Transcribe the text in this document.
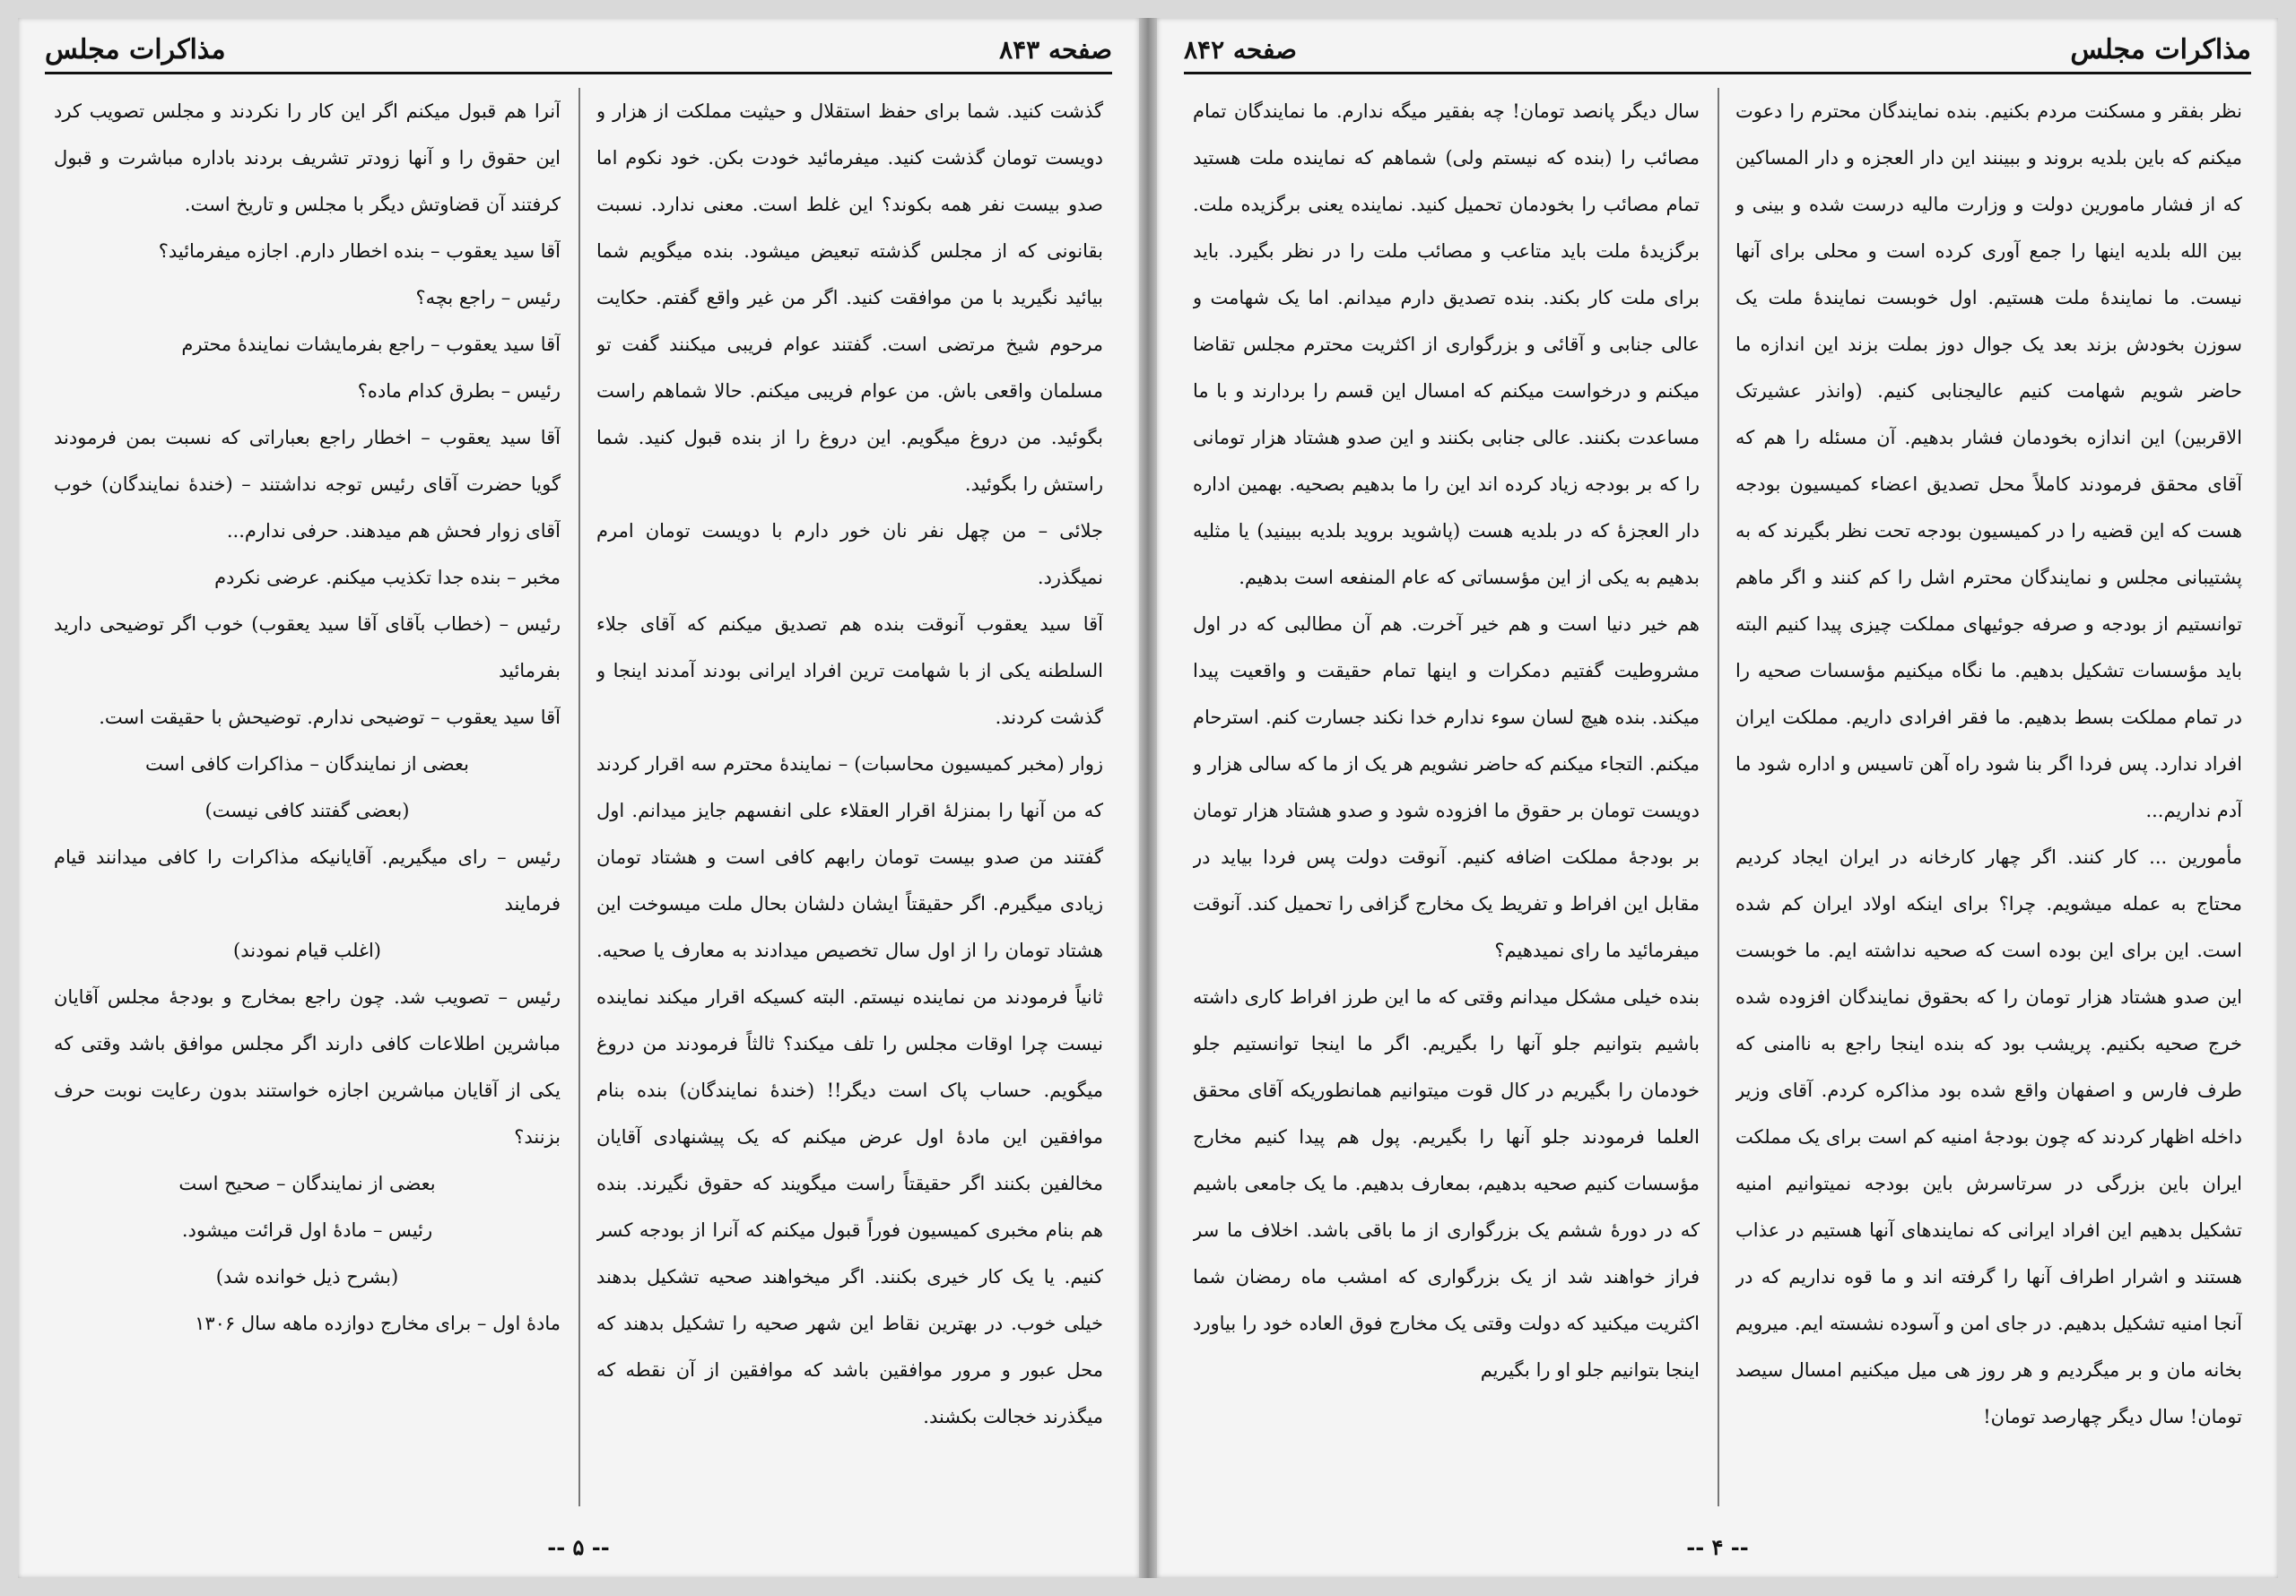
صفحه ۸۴۳
مذاکرات مجلس

گذشت کنید. شما برای حفظ استقلال و حیثیت مملکت از هزار و دویست تومان گذشت کنید. میفرمائید خودت بکن. خود نکوم اما صدو بیست نفر همه بکوند؟ این غلط است. معنی ندارد. نسبت بقانونی که از مجلس گذشته تبعیض میشود. بنده میگویم شما بیائید نگیرید با من موافقت کنید. اگر من غیر واقع گفتم. حکایت مرحوم شیخ مرتضی است. گفتند عوام فریبی میکنند گفت تو مسلمان واقعی باش. من عوام فریبی میکنم. حالا شماهم راست بگوئید. من دروغ میگویم. این دروغ را از بنده قبول کنید. شما راستش را بگوئید.

جلائی – من چهل نفر نان خور دارم با دویست تومان امرم نمیگذرد.

آقا سید یعقوب آنوقت بنده هم تصدیق میکنم که آقای جلاء السلطنه یکی از با شهامت ترین افراد ایرانی بودند آمدند اینجا و گذشت کردند.

زوار (مخبر کمیسیون محاسبات) – نمایندهٔ محترم سه اقرار کردند که من آنها را بمنزلهٔ اقرار العقلاء علی انفسهم جایز میدانم. اول گفتند من صدو بیست تومان رابهم کافی است و هشتاد تومان زیادی میگیرم. اگر حقیقتاً ایشان دلشان بحال ملت میسوخت این هشتاد تومان را از اول سال تخصیص میدادند به معارف یا صحیه. ثانیاً فرمودند من نماینده نیستم. البته کسیکه اقرار میکند نماینده نیست چرا اوقات مجلس را تلف میکند؟ ثالثاً فرمودند من دروغ میگویم. حساب پاک است دیگر!! (خندهٔ نمایندگان) بنده بنام موافقین این مادهٔ اول عرض میکنم که یک پیشنهادی آقایان مخالفین بکنند اگر حقیقتاً راست میگویند که حقوق نگیرند. بنده هم بنام مخبری کمیسیون فوراً قبول میکنم که آنرا از بودجه کسر کنیم. یا یک کار خیری بکنند. اگر میخواهند صحیه تشکیل بدهند خیلی خوب. در بهترین نقاط این شهر صحیه را تشکیل بدهند که محل عبور و مرور موافقین باشد که موافقین از آن نقطه که میگذرند خجالت بکشند.

آنرا هم قبول میکنم اگر این کار را نکردند و مجلس تصویب کرد این حقوق را و آنها زودتر تشریف بردند باداره مباشرت و قبول کرفتند آن قضاوتش دیگر با مجلس و تاریخ است.

آقا سید یعقوب – بنده اخطار دارم. اجازه میفرمائید؟

رئیس – راجع بچه؟

آقا سید یعقوب – راجع بفرمایشات نمایندهٔ محترم

رئیس – بطرق کدام ماده؟

آقا سید یعقوب – اخطار راجع بعباراتی که نسبت بمن فرمودند گویا حضرت آقای رئیس توجه نداشتند – (خندهٔ نمایندگان) خوب آقای زوار فحش هم میدهند. حرفی ندارم...

مخبر – بنده جدا تکذیب میکنم. عرضی نکردم

رئیس – (خطاب بآقای آقا سید یعقوب) خوب اگر توضیحی دارید بفرمائید

آقا سید یعقوب – توضیحی ندارم. توضیحش با حقیقت است.

بعضی از نمایندگان – مذاکرات کافی است

(بعضی گفتند کافی نیست)

رئیس – رای میگیریم. آقایانیکه مذاکرات را کافی میدانند قیام فرمایند

(اغلب قیام نمودند)

رئیس – تصویب شد. چون راجع بمخارج و بودجهٔ مجلس آقایان مباشرین اطلاعات کافی دارند اگر مجلس موافق باشد وقتی که یکی از آقایان مباشرین اجازه خواستند بدون رعایت نوبت حرف بزنند؟

بعضی از نمایندگان – صحیح است

رئیس – مادهٔ اول قرائت میشود.

(بشرح ذیل خوانده شد)

مادهٔ اول – برای مخارج دوازده ماهه سال ۱۳۰۶

-- ۵ --
مذاکرات مجلس
صفحه ۸۴۲

نظر بفقر و مسکنت مردم بکنیم. بنده نمایندگان محترم را دعوت میکنم که باین بلدیه بروند و ببینند این دار العجزه و دار المساکین که از فشار مامورین دولت و وزارت مالیه درست شده و بینی و بین الله بلدیه اینها را جمع آوری کرده است و محلی برای آنها نیست. ما نمایندهٔ ملت هستیم. اول خوبست نمایندهٔ ملت یک سوزن بخودش بزند بعد یک جوال دوز بملت بزند این اندازه ما حاضر شویم شهامت کنیم عالیجنابی کنیم. (وانذر عشیرتک الاقربین) این اندازه بخودمان فشار بدهیم. آن مسئله را هم که آقای محقق فرمودند کاملاً محل تصدیق اعضاء کمیسیون بودجه هست که این قضیه را در کمیسیون بودجه تحت نظر بگیرند که به پشتیبانی مجلس و نمایندگان محترم اشل را کم کنند و اگر ماهم توانستیم از بودجه و صرفه جوئیهای مملکت چیزی پیدا کنیم البته باید مؤسسات تشکیل بدهیم. ما نگاه میکنیم مؤسسات صحیه را در تمام مملکت بسط بدهیم. ما فقر افرادی داریم. مملکت ایران افراد ندارد. پس فردا اگر بنا شود راه آهن تاسیس و اداره شود ما آدم نداریم...

مأمورین ... کار کنند. اگر چهار کارخانه در ایران ایجاد کردیم محتاج به عمله میشویم. چرا؟ برای اینکه اولاد ایران کم شده است. این برای این بوده است که صحیه نداشته ایم. ما خوبست این صدو هشتاد هزار تومان را که بحقوق نمایندگان افزوده شده خرج صحیه بکنیم. پریشب بود که بنده اینجا راجع به ناامنی که طرف فارس و اصفهان واقع شده بود مذاکره کردم. آقای وزیر داخله اظهار کردند که چون بودجهٔ امنیه کم است برای یک مملکت ایران باین بزرگی در سرتاسرش باین بودجه نمیتوانیم امنیه تشکیل بدهیم این افراد ایرانی که نمایندهای آنها هستیم در عذاب هستند و اشرار اطراف آنها را گرفته اند و ما قوه نداریم که در آنجا امنیه تشکیل بدهیم. در جای امن و آسوده نشسته ایم. میرویم بخانه مان و بر میگردیم و هر روز هی میل میکنیم امسال سیصد تومان! سال دیگر چهارصد تومان!

سال دیگر پانصد تومان! چه بفقیر میگه ندارم. ما نمایندگان تمام مصائب را (بنده که نیستم ولی) شماهم که نماینده ملت هستید تمام مصائب را بخودمان تحمیل کنید. نماینده یعنی برگزیده ملت. برگزیدهٔ ملت باید متاعب و مصائب ملت را در نظر بگیرد. باید برای ملت کار بکند. بنده تصدیق دارم میدانم. اما یک شهامت و عالی جنابی و آقائی و بزرگواری از اکثریت محترم مجلس تقاضا میکنم و درخواست میکنم که امسال این قسم را بردارند و با ما مساعدت بکنند. عالی جنابی بکنند و این صدو هشتاد هزار تومانی را که بر بودجه زیاد کرده اند این را ما بدهیم بصحیه. بهمین اداره دار العجزهٔ که در بلدیه هست (پاشوید بروید بلدیه ببینید) یا مثلیه بدهیم به یکی از این مؤسساتی که عام المنفعه است بدهیم.

هم خیر دنیا است و هم خیر آخرت. هم آن مطالبی که در اول مشروطیت گفتیم دمکرات و اینها تمام حقیقت و واقعیت پیدا میکند. بنده هیچ لسان سوء ندارم خدا نکند جسارت کنم. استرحام میکنم. التجاء میکنم که حاضر نشویم هر یک از ما که سالی هزار و دویست تومان بر حقوق ما افزوده شود و صدو هشتاد هزار تومان بر بودجهٔ مملکت اضافه کنیم. آنوقت دولت پس فردا بیاید در مقابل این افراط و تفریط یک مخارج گزافی را تحمیل کند. آنوقت میفرمائید ما رای نمیدهیم؟

بنده خیلی مشکل میدانم وقتی که ما این طرز افراط کاری داشته باشیم بتوانیم جلو آنها را بگیریم. اگر ما اینجا توانستیم جلو خودمان را بگیریم در کال قوت میتوانیم همانطوریکه آقای محقق العلما فرمودند جلو آنها را بگیریم. پول هم پیدا کنیم مخارج مؤسسات کنیم صحیه بدهیم، بمعارف بدهیم. ما یک جامعی باشیم که در دورهٔ ششم یک بزرگواری از ما باقی باشد. اخلاف ما سر فراز خواهند شد از یک بزرگواری که امشب ماه رمضان شما اکثریت میکنید که دولت وقتی یک مخارج فوق العاده خود را بیاورد اینجا بتوانیم جلو او را بگیریم

-- ۴ --
